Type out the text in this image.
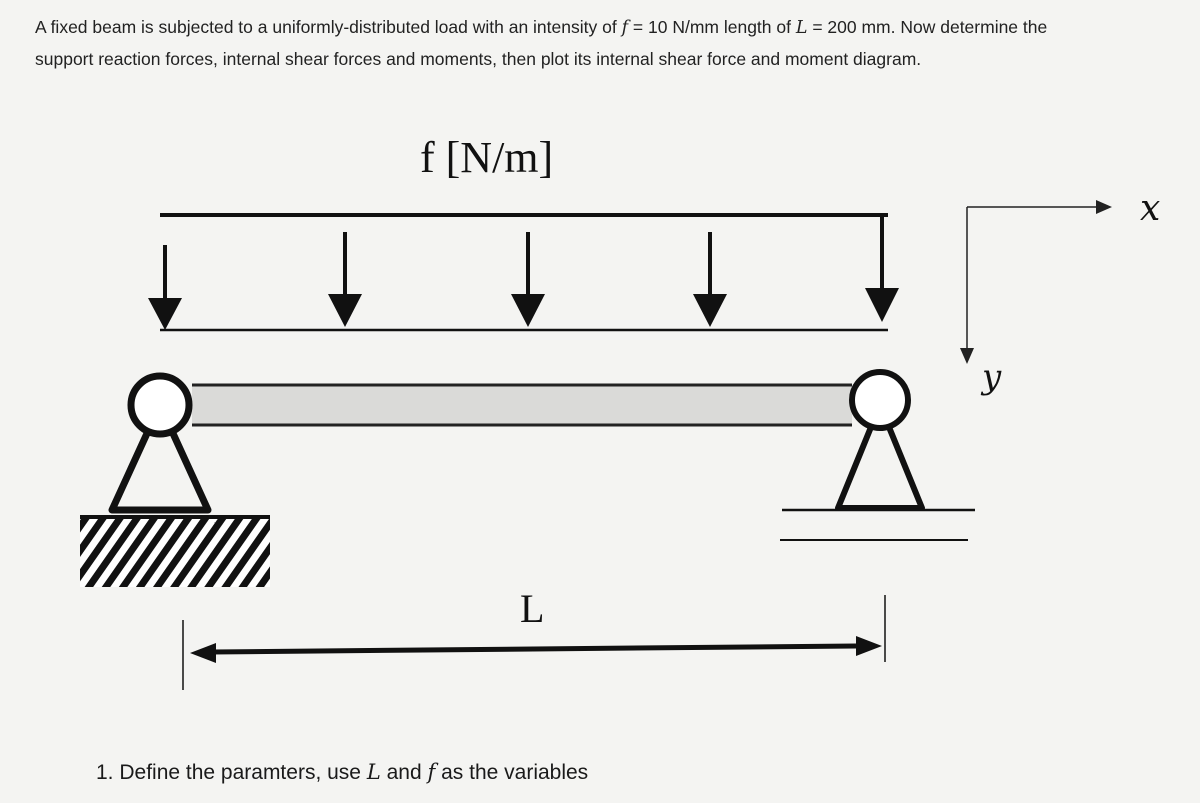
A fixed beam is subjected to a uniformly-distributed load with an intensity of f = 10 N/mm length of L = 200 mm. Now determine the
support reaction forces, internal shear forces and moments, then plot its internal shear force and moment diagram.
f [N/m]
x
y
L
1. Define the paramters, use L and f as the variables
